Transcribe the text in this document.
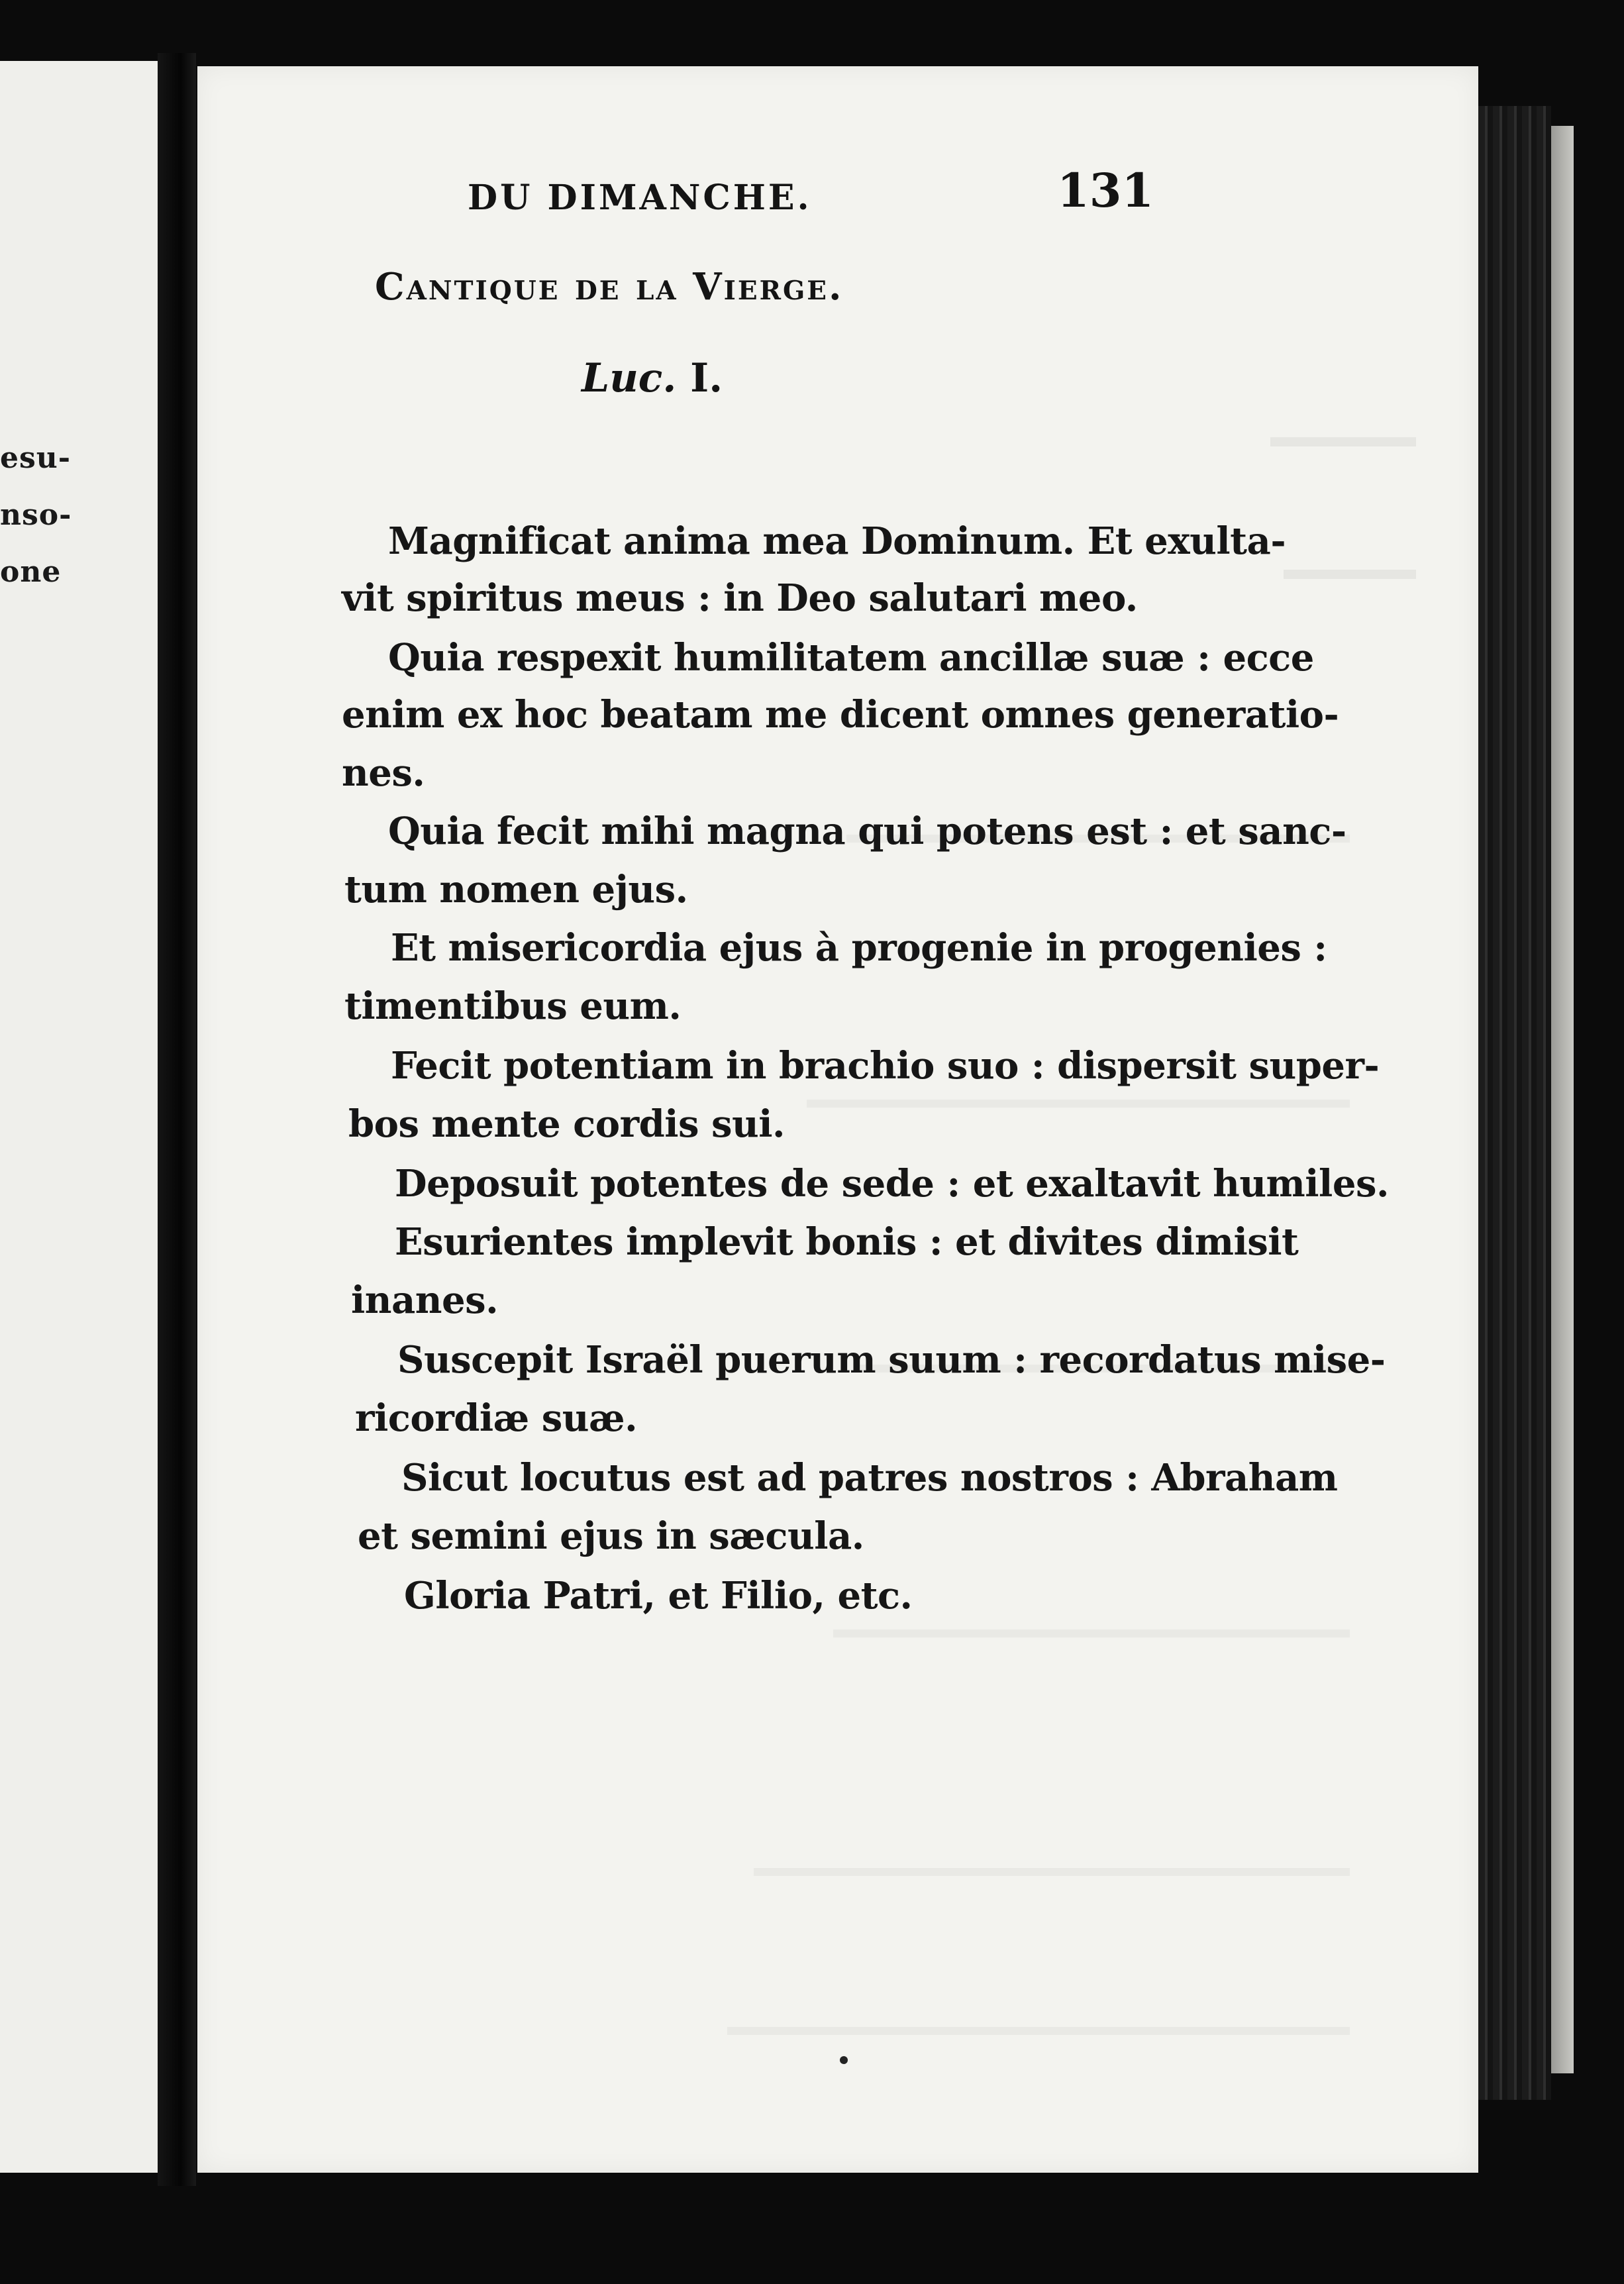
esu-
nso-
one
DU DIMANCHE.	131
Cantique de la Vierge.
Luc. I.
Magnificat anima mea Dominum. Et exulta-
vit spiritus meus : in Deo salutari meo.
Quia respexit humilitatem ancillæ suæ : ecce
enim ex hoc beatam me dicent omnes generatio-
nes.
Quia fecit mihi magna qui potens est : et sanc-
tum nomen ejus.
Et misericordia ejus à progenie in progenies :
timentibus eum.
Fecit potentiam in brachio suo : dispersit super-
bos mente cordis sui.
Deposuit potentes de sede : et exaltavit humiles.
Esurientes implevit bonis : et divites dimisit
inanes.
Suscepit Israël puerum suum : recordatus mise-
ricordiæ suæ.
Sicut locutus est ad patres nostros : Abraham
et semini ejus in sæcula.
Gloria Patri, et Filio, etc.
